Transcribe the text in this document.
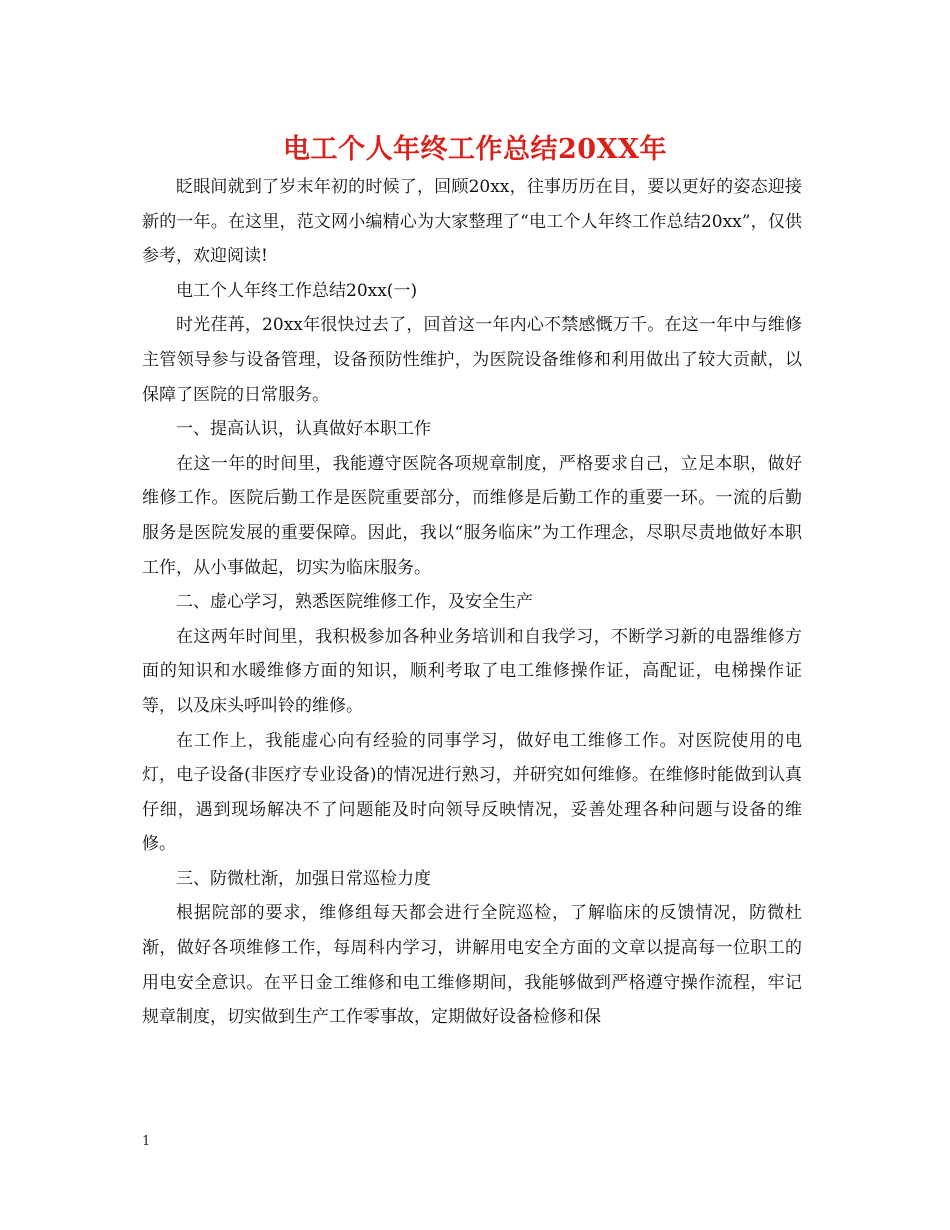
电工个人年终工作总结20XX年

眨眼间就到了岁末年初的时候了，回顾20xx，往事历历在目，要以更好的姿态迎接新的一年。在这里，范文网小编精心为大家整理了“电工个人年终工作总结20xx”，仅供参考，欢迎阅读!

电工个人年终工作总结20xx(一)

时光荏苒，20xx年很快过去了，回首这一年内心不禁感慨万千。在这一年中与维修主管领导参与设备管理，设备预防性维护，为医院设备维修和利用做出了较大贡献，以保障了医院的日常服务。

一、提高认识，认真做好本职工作

在这一年的时间里，我能遵守医院各项规章制度，严格要求自己，立足本职，做好维修工作。医院后勤工作是医院重要部分，而维修是后勤工作的重要一环。一流的后勤服务是医院发展的重要保障。因此，我以“服务临床”为工作理念，尽职尽责地做好本职工作，从小事做起，切实为临床服务。

二、虚心学习，熟悉医院维修工作，及安全生产

在这两年时间里，我积极参加各种业务培训和自我学习，不断学习新的电器维修方面的知识和水暖维修方面的知识，顺利考取了电工维修操作证，高配证，电梯操作证等，以及床头呼叫铃的维修。

在工作上，我能虚心向有经验的同事学习，做好电工维修工作。对医院使用的电灯，电子设备(非医疗专业设备)的情况进行熟习，并研究如何维修。在维修时能做到认真仔细，遇到现场解决不了问题能及时向领导反映情况，妥善处理各种问题与设备的维修。

三、防微杜渐，加强日常巡检力度

根据院部的要求，维修组每天都会进行全院巡检，了解临床的反馈情况，防微杜渐，做好各项维修工作，每周科内学习，讲解用电安全方面的文章以提高每一位职工的用电安全意识。在平日金工维修和电工维修期间，我能够做到严格遵守操作流程，牢记规章制度，切实做到生产工作零事故，定期做好设备检修和保

1
